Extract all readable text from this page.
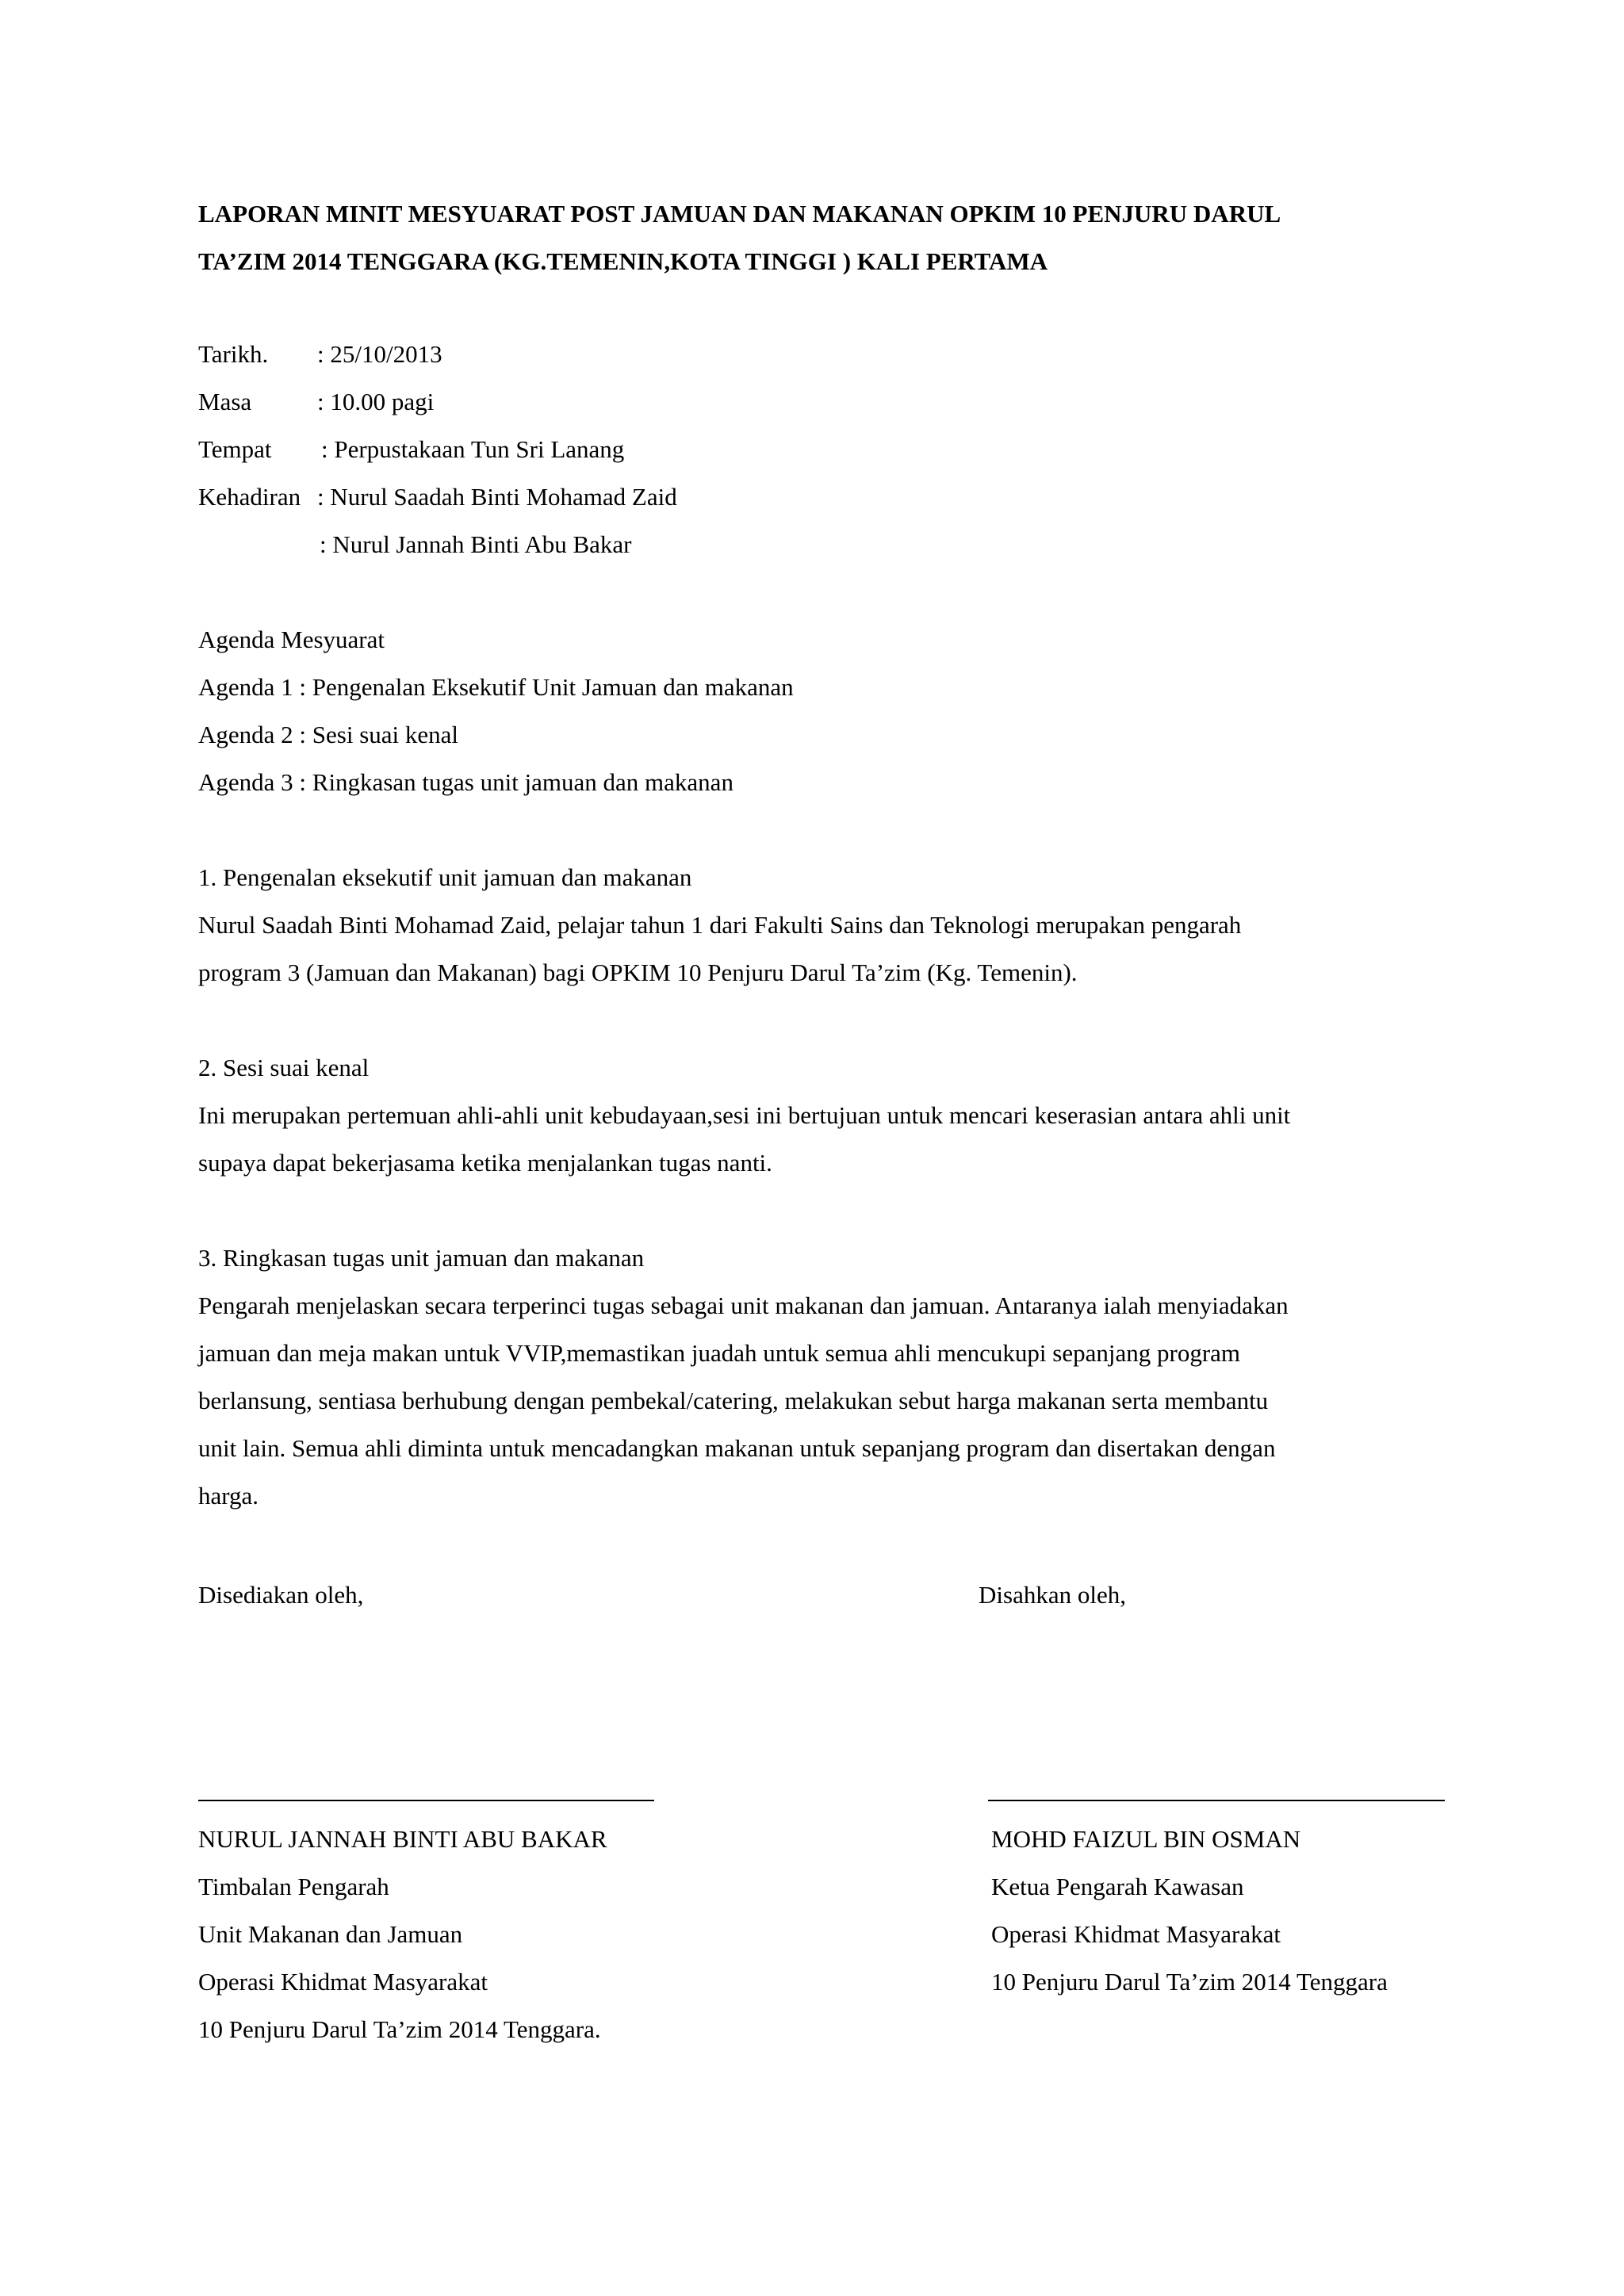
LAPORAN MINIT MESYUARAT POST JAMUAN DAN MAKANAN OPKIM 10 PENJURU DARUL
TA’ZIM 2014 TENGGARA (KG.TEMENIN,KOTA TINGGI ) KALI PERTAMA
Tarikh. : 25/10/2013
Masa	: 10.00 pagi
Tempat : Perpustakaan Tun Sri Lanang
Kehadiran : Nurul Saadah Binti Mohamad Zaid
: Nurul Jannah Binti Abu Bakar
Agenda Mesyuarat
Agenda 1 : Pengenalan Eksekutif Unit Jamuan dan makanan
Agenda 2 : Sesi suai kenal
Agenda 3 : Ringkasan tugas unit jamuan dan makanan
1. Pengenalan eksekutif unit jamuan dan makanan
Nurul Saadah Binti Mohamad Zaid, pelajar tahun 1 dari Fakulti Sains dan Teknologi merupakan pengarah
program 3 (Jamuan dan Makanan) bagi OPKIM 10 Penjuru Darul Ta’zim (Kg. Temenin).
2. Sesi suai kenal
Ini merupakan pertemuan ahli-ahli unit kebudayaan,sesi ini bertujuan untuk mencari keserasian antara ahli unit
supaya dapat bekerjasama ketika menjalankan tugas nanti.
3. Ringkasan tugas unit jamuan dan makanan
Pengarah menjelaskan secara terperinci tugas sebagai unit makanan dan jamuan. Antaranya ialah menyiadakan
jamuan dan meja makan untuk VVIP,memastikan juadah untuk semua ahli mencukupi sepanjang program
berlansung, sentiasa berhubung dengan pembekal/catering, melakukan sebut harga makanan serta membantu
unit lain. Semua ahli diminta untuk mencadangkan makanan untuk sepanjang program dan disertakan dengan
harga.
Disediakan oleh,	Disahkan oleh,
NURUL JANNAH BINTI ABU BAKAR
Timbalan Pengarah
Unit Makanan dan Jamuan
Operasi Khidmat Masyarakat
10 Penjuru Darul Ta’zim 2014 Tenggara.
MOHD FAIZUL BIN OSMAN
Ketua Pengarah Kawasan
Operasi Khidmat Masyarakat
10 Penjuru Darul Ta’zim 2014 Tenggara
